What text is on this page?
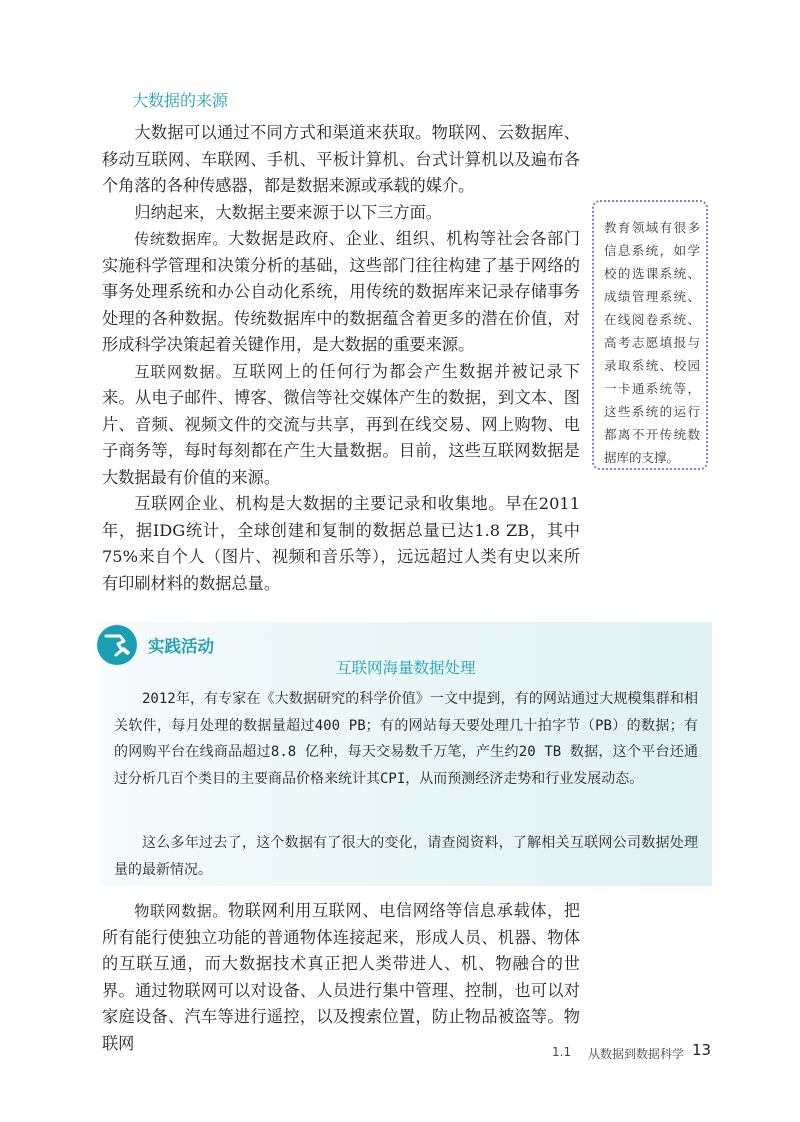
大数据的来源

大数据可以通过不同方式和渠道来获取。物联网、云数据库、移动互联网、车联网、手机、平板计算机、台式计算机以及遍布各个角落的各种传感器，都是数据来源或承载的媒介。

归纳起来，大数据主要来源于以下三方面。

传统数据库。大数据是政府、企业、组织、机构等社会各部门实施科学管理和决策分析的基础，这些部门往往构建了基于网络的事务处理系统和办公自动化系统，用传统的数据库来记录存储事务处理的各种数据。传统数据库中的数据蕴含着更多的潜在价值，对形成科学决策起着关键作用，是大数据的重要来源。

互联网数据。互联网上的任何行为都会产生数据并被记录下来。从电子邮件、博客、微信等社交媒体产生的数据，到文本、图片、音频、视频文件的交流与共享，再到在线交易、网上购物、电子商务等，每时每刻都在产生大量数据。目前，这些互联网数据是大数据最有价值的来源。

互联网企业、机构是大数据的主要记录和收集地。早在2011年，据IDG统计，全球创建和复制的数据总量已达1.8 ZB，其中75%来自个人（图片、视频和音乐等），远远超过人类有史以来所有印刷材料的数据总量。

教育领域有很多信息系统，如学校的选课系统、成绩管理系统、在线阅卷系统、高考志愿填报与录取系统、校园一卡通系统等，这些系统的运行都离不开传统数据库的支撑。
实践活动
互联网海量数据处理

2012年，有专家在《大数据研究的科学价值》一文中提到，有的网站通过大规模集群和相关软件，每月处理的数据量超过400 PB；有的网站每天要处理几十拍字节（PB）的数据；有的网购平台在线商品超过8.8 亿种，每天交易数千万笔，产生约20 TB 数据，这个平台还通过分析几百个类目的主要商品价格来统计其CPI，从而预测经济走势和行业发展动态。

这么多年过去了，这个数据有了很大的变化，请查阅资料，了解相关互联网公司数据处理量的最新情况。

物联网数据。物联网利用互联网、电信网络等信息承载体，把所有能行使独立功能的普通物体连接起来，形成人员、机器、物体的互联互通，而大数据技术真正把人类带进人、机、物融合的世界。通过物联网可以对设备、人员进行集中管理、控制，也可以对家庭设备、汽车等进行遥控，以及搜索位置，防止物品被盗等。物联网	1.1 从数据到数据科学 13
